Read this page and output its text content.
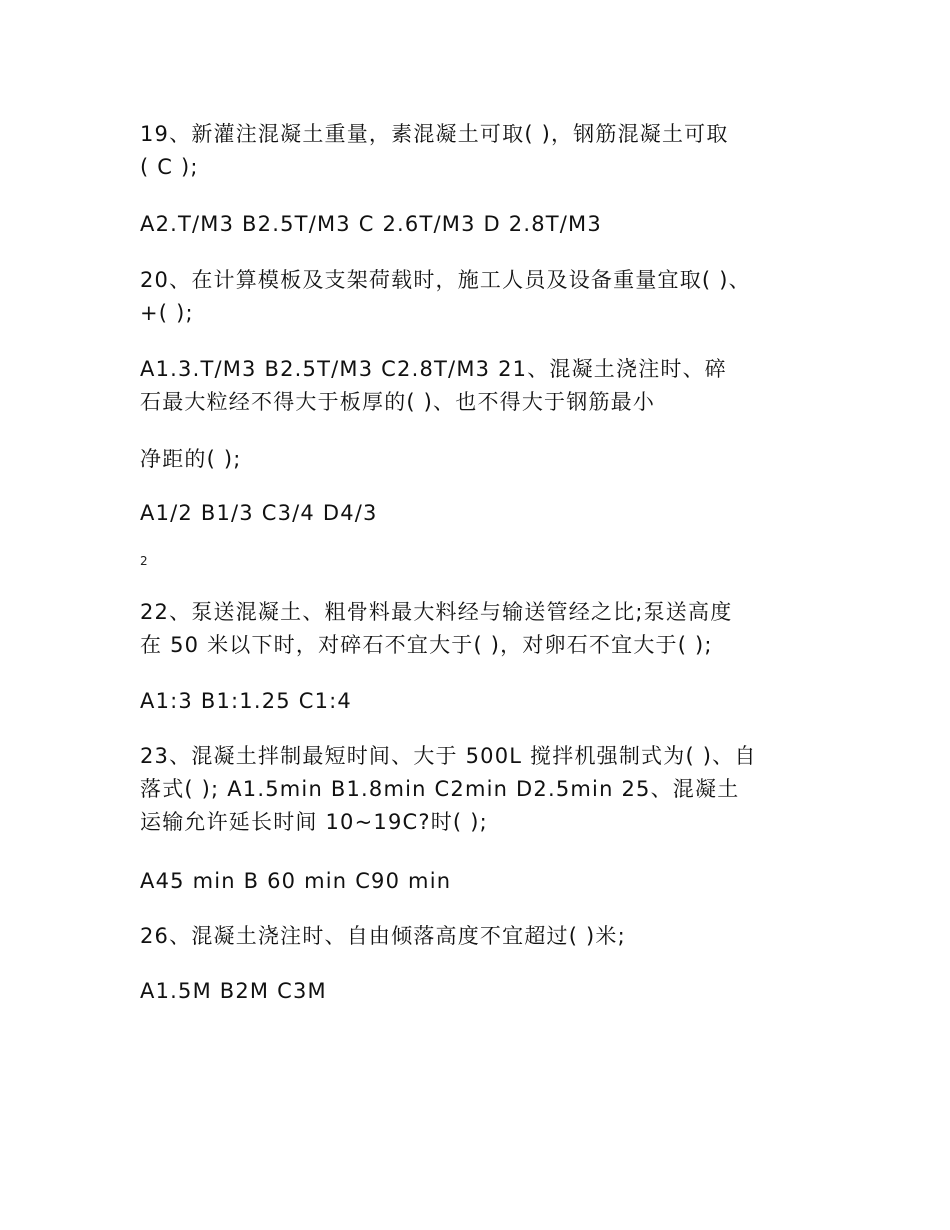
19、新灌注混凝土重量，素混凝土可取( )，钢筋混凝土可取
( C );
A2.T/M3 B2.5T/M3 C 2.6T/M3 D 2.8T/M3
20、在计算模板及支架荷载时，施工人员及设备重量宜取( )、
+( );
A1.3.T/M3 B2.5T/M3 C2.8T/M3 21、混凝土浇注时、碎
石最大粒经不得大于板厚的( )、也不得大于钢筋最小
净距的( );
A1/2 B1/3 C3/4 D4/3
2
22、泵送混凝土、粗骨料最大料经与输送管经之比;泵送高度
在 50 米以下时，对碎石不宜大于( )，对卵石不宜大于( );
A1:3 B1:1.25 C1:4
23、混凝土拌制最短时间、大于 500L 搅拌机强制式为( )、自
落式( ); A1.5min B1.8min C2min D2.5min 25、混凝土
运输允许延长时间 10~19C?时( );
A45 min B 60 min C90 min
26、混凝土浇注时、自由倾落高度不宜超过( )米;
A1.5M B2M C3M
